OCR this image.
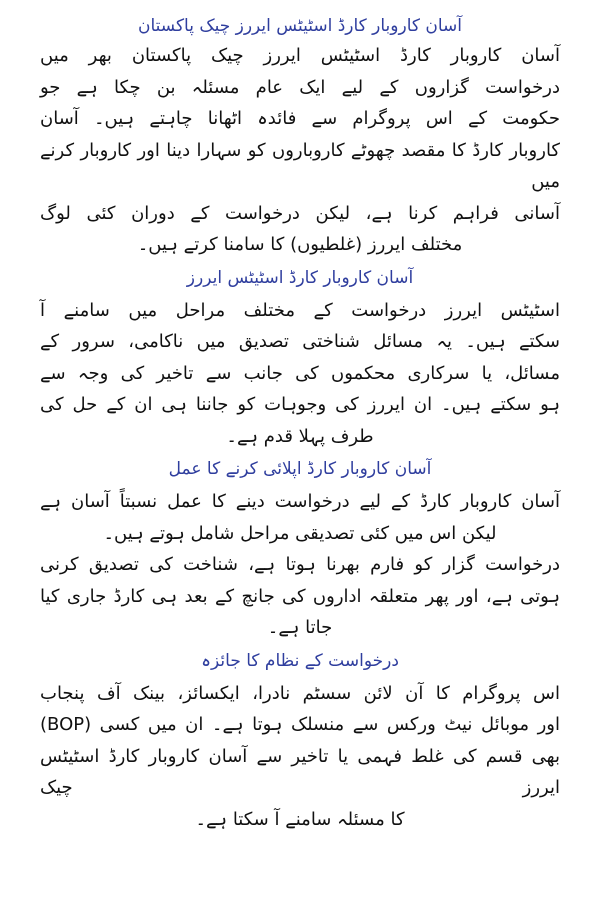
آسان کاروبار کارڈ اسٹیٹس ایررز چیک پاکستان
آسان کاروبار کارڈ اسٹیٹس ایررز چیک پاکستان بھر میں
درخواست گزاروں کے لیے ایک عام مسئلہ بن چکا ہے جو
حکومت کے اس پروگرام سے فائدہ اٹھانا چاہتے ہیں۔ آسان
کاروبار کارڈ کا مقصد چھوٹے کاروباروں کو سہارا دینا اور کاروبار کرنے میں
آسانی فراہم کرنا ہے، لیکن درخواست کے دوران کئی لوگ
مختلف ایررز (غلطیوں) کا سامنا کرتے ہیں۔
آسان کاروبار کارڈ اسٹیٹس ایررز
اسٹیٹس ایررز درخواست کے مختلف مراحل میں سامنے آ
سکتے ہیں۔ یہ مسائل شناختی تصدیق میں ناکامی، سرور کے
مسائل، یا سرکاری محکموں کی جانب سے تاخیر کی وجہ سے
ہو سکتے ہیں۔ ان ایررز کی وجوہات کو جاننا ہی ان کے حل کی
طرف پہلا قدم ہے۔
آسان کاروبار کارڈ اپلائی کرنے کا عمل
آسان کاروبار کارڈ کے لیے درخواست دینے کا عمل نسبتاً آسان ہے
لیکن اس میں کئی تصدیقی مراحل شامل ہوتے ہیں۔
درخواست گزار کو فارم بھرنا ہوتا ہے، شناخت کی تصدیق کرنی
ہوتی ہے، اور پھر متعلقہ اداروں کی جانچ کے بعد ہی کارڈ جاری کیا
جاتا ہے۔
درخواست کے نظام کا جائزہ
اس پروگرام کا آن لائن سسٹم نادرا، ایکسائز، بینک آف پنجاب
اور موبائل نیٹ ورکس سے منسلک ہوتا ہے۔ ان میں کسی (BOP)
بھی قسم کی غلط فہمی یا تاخیر سے آسان کاروبار کارڈ اسٹیٹس ایررز چیک
کا مسئلہ سامنے آ سکتا ہے۔
